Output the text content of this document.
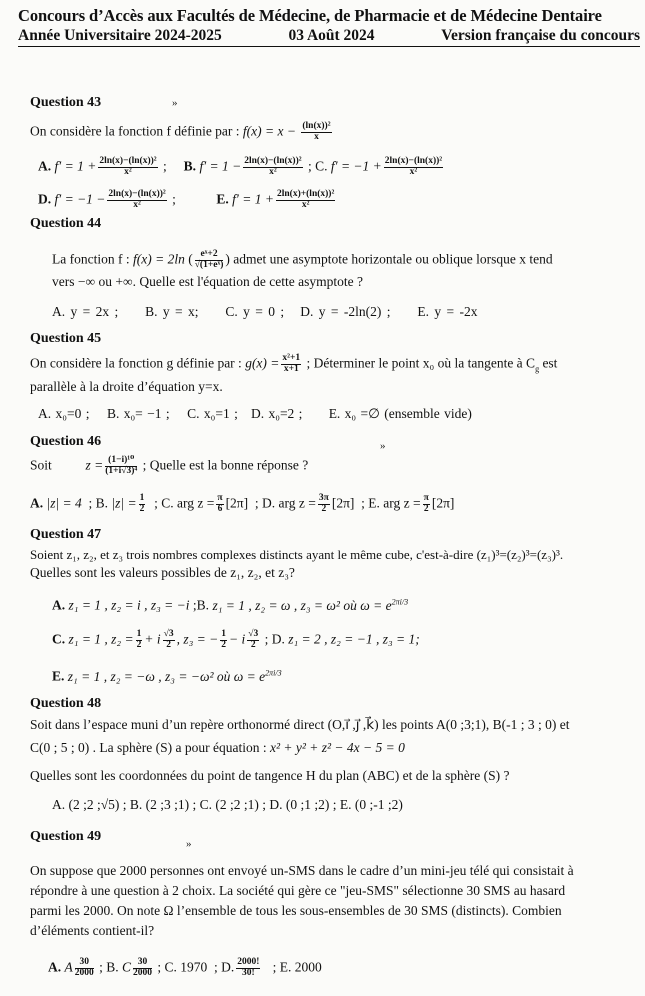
Concours d’Accès aux Facultés de Médecine, de Pharmacie et de Médecine Dentaire
Année Universitaire 2024-2025	03 Août 2024	Version française du concours
Question 43	»
On considère la fonction f définie par : $f(x) = x - \frac{\text{(ln(x))²}}{x}$
A. $f' = 1 + \frac{\text{2ln(x)−(ln(x))²}}{\text{x²}}$ ;     B. $f' = 1 - \frac{\text{2ln(x)−(ln(x))²}}{\text{x²}}$ ; C. $f' = -1 + \frac{\text{2ln(x)−(ln(x))²}}{\text{x²}}$
D. $f' = -1 - \frac{\text{2ln(x)−(ln(x))²}}{\text{x²}}$ ;            E. $f' = 1 + \frac{\text{2ln(x)+(ln(x))²}}{\text{x²}}$
Question 44
La fonction f : f(x) = 2ln ( $\frac{\text{eˣ+2}}{\text{√(1+eˣ)}}$ ) admet une asymptote horizontale ou oblique lorsque x tend
vers −∞ ou +∞. Quelle est l'équation de cette asymptote ?
A. y = 2x ; B. y = x; C. y = 0 ; D. y = -2ln(2) ; E. y = -2x
Question 45
On considère la fonction g définie par : $g(x) = \frac{\text{x²+1}}{x+1}$ ; Déterminer le point x₀ où la tangente à $C_g$ est
parallèle à la droite d’équation y=x.
A. x₀=0 ; B. x₀= −1 ; C. x₀=1 ; D. x₀=2 ; E. x₀ =∅ (ensemble vide)
Question 46	»
Soit	$z = \frac{\text{(1−i)¹⁰}}{\text{(1+i√3)⁴}}$ ; Quelle est la bonne réponse ?
A. |z| = 4 ; B. $|z| = \frac{1}{2}$ ; C. arg $z = \frac{\pi}{6} [2\pi]$  ; D. arg $z = \frac{3\pi}{2} [2\pi]$  ; E. arg $z = \frac{\pi}{2} [2\pi]$
Question 47
Soient z₁, z₂, et z₃ trois nombres complexes distincts ayant le même cube, c'est-à-dire (z₁)³=(z₂)³=(z₃)³.
Quelles sont les valeurs possibles de z₁, z₂, et z₃?
A. z₁ = 1 , z₂ = i , z₃ = −i ;B. z₁ = 1 , z₂ = ω , z₃ = ω² où $\omega = e^{2\pi i/3}$
C. z₁ = 1 , $z_2 = \frac{1}{2} + i \frac{√3}{2}$ , z₃ = − $\frac{1}{2} - i \frac{√3}{2}$ ; D. z₁ = 2 , z₂ = −1 , z₃ = 1;
E. z₁ = 1 , z₂ = −ω , z₃ = −ω² où $\omega = e^{2\pi i/3}$
Question 48
Soit dans l’espace muni d’un repère orthonormé direct (O,i⃗ ,j⃗ ,k⃗) les points A(0 ;3;1), B(-1 ; 3 ; 0) et
C(0 ; 5 ; 0) . La sphère (S) a pour équation : x² + y² + z² − 4x − 5 = 0
Quelles sont les coordonnées du point de tangence H du plan (ABC) et de la sphère (S) ?
A. (2 ;2 ;√5) ; B. (2 ;3 ;1) ; C. (2 ;2 ;1) ; D. (0 ;1 ;2) ; E. (0 ;-1 ;2)
Question 49	»
On suppose que 2000 personnes ont envoyé un-SMS dans le cadre d’un mini-jeu télé qui consistait à
répondre à une question à 2 choix. La société qui gère ce "jeu-SMS" sélectionne 30 SMS au hasard
parmi les 2000. On note Ω l’ensemble de tous les sous-ensembles de 30 SMS (distincts). Combien
d’éléments contient-il?
A. A $\frac{30}{2000}$ ; B. C $\frac{30}{2000}$ ; C. 1970 ; D. $\frac{2000!}{30!}$ ; E. 2000
